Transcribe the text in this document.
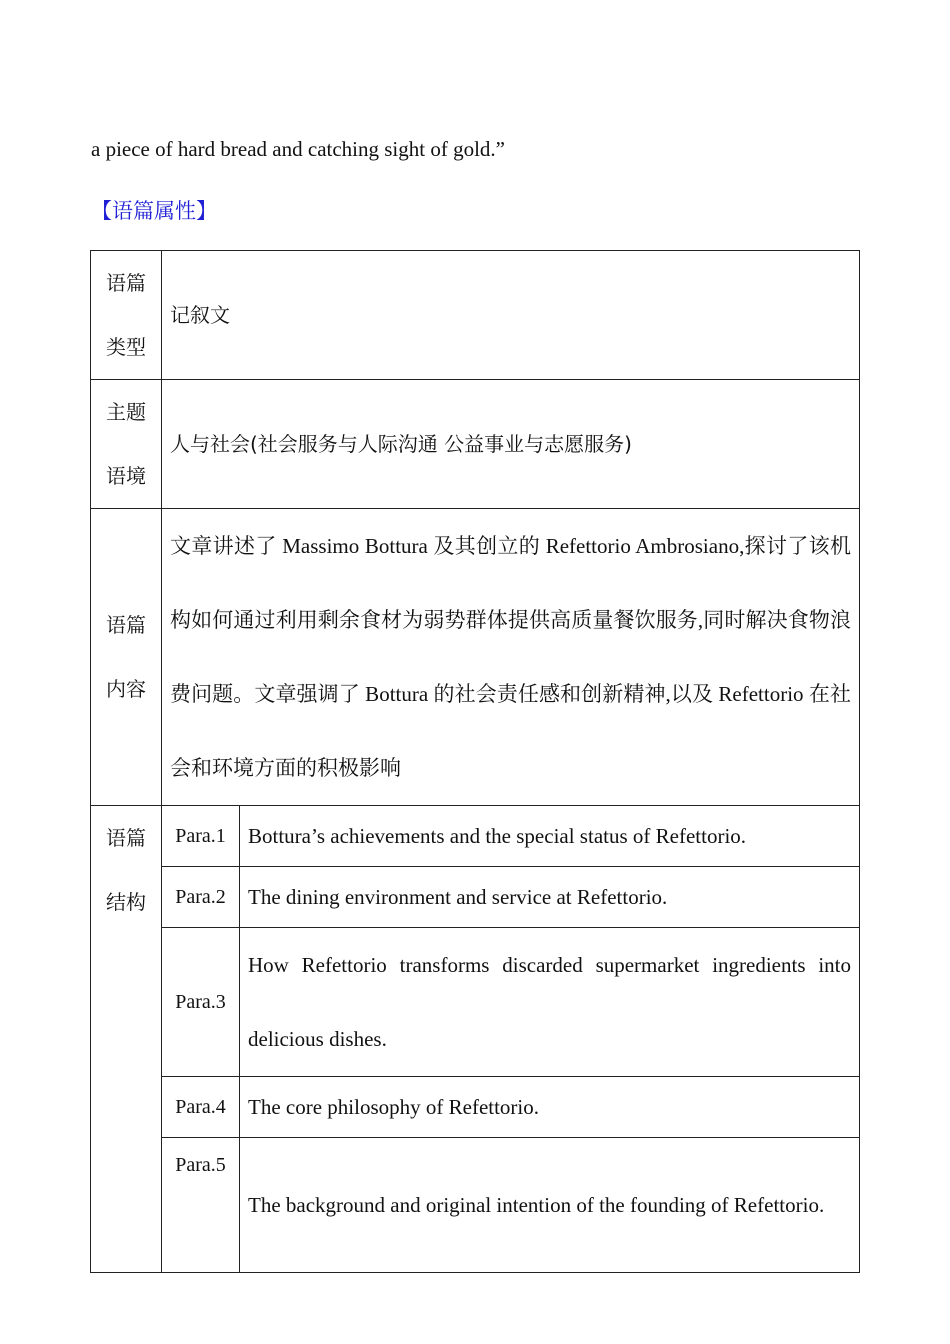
a piece of hard bread and catching sight of gold.”
【语篇属性】
语篇
类型	记叙文	

主题
语境	人与社会(社会服务与人际沟通 公益事业与志愿服务)	

语篇
内容	文章讲述了 Massimo Bottura 及其创立的 Refettorio Ambrosiano,探讨了该机构如何通过利用剩余食材为弱势群体提供高质量餐饮服务,同时解决食物浪费问题。文章强调了 Bottura 的社会责任感和创新精神,以及 Refettorio 在社会和环境方面的积极影响	

语篇
结构	Para.1	Bottura’s achievements and the special status of Refettorio.
	Para.2	The dining environment and service at Refettorio.
	Para.3	How Refettorio transforms discarded supermarket ingredients into delicious dishes.
	Para.4	The core philosophy of Refettorio.
	Para.5	The background and original intention of the founding of Refettorio.
